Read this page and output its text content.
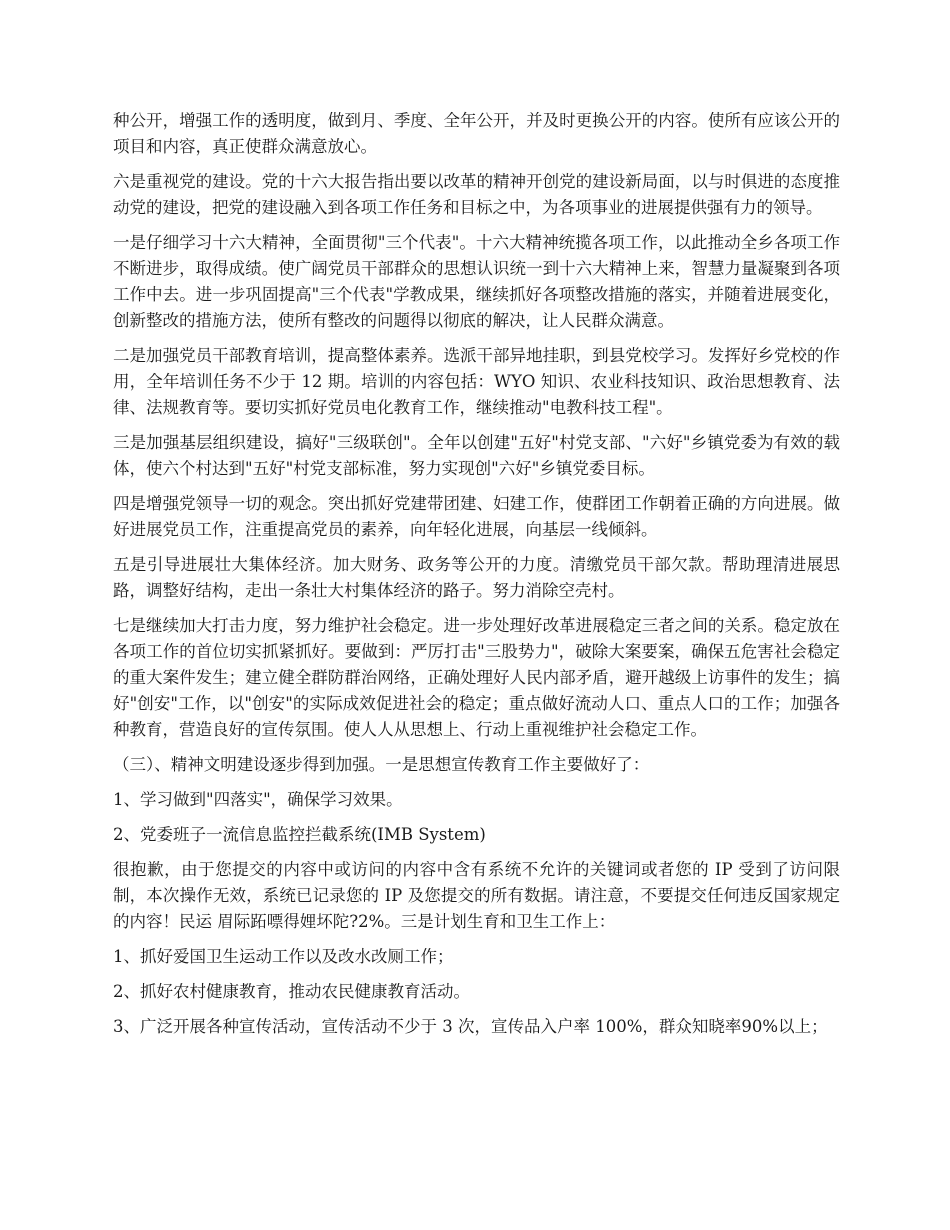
种公开，增强工作的透明度，做到月、季度、全年公开，并及时更换公开的内容。使所有应该公开的项目和内容，真正使群众满意放心。

六是重视党的建设。党的十六大报告指出要以改革的精神开创党的建设新局面，以与时俱进的态度推动党的建设，把党的建设融入到各项工作任务和目标之中，为各项事业的进展提供强有力的领导。

一是仔细学习十六大精神，全面贯彻"三个代表"。十六大精神统揽各项工作，以此推动全乡各项工作不断进步，取得成绩。使广阔党员干部群众的思想认识统一到十六大精神上来，智慧力量凝聚到各项工作中去。进一步巩固提高"三个代表"学教成果，继续抓好各项整改措施的落实，并随着进展变化，创新整改的措施方法，使所有整改的问题得以彻底的解决，让人民群众满意。

二是加强党员干部教育培训，提高整体素养。选派干部异地挂职，到县党校学习。发挥好乡党校的作用，全年培训任务不少于 12 期。培训的内容包括：WYO 知识、农业科技知识、政治思想教育、法律、法规教育等。要切实抓好党员电化教育工作，继续推动"电教科技工程"。

三是加强基层组织建设，搞好"三级联创"。全年以创建"五好"村党支部、"六好"乡镇党委为有效的载体，使六个村达到"五好"村党支部标准，努力实现创"六好"乡镇党委目标。

四是增强党领导一切的观念。突出抓好党建带团建、妇建工作，使群团工作朝着正确的方向进展。做好进展党员工作，注重提高党员的素养，向年轻化进展，向基层一线倾斜。

五是引导进展壮大集体经济。加大财务、政务等公开的力度。清缴党员干部欠款。帮助理清进展思路，调整好结构，走出一条壮大村集体经济的路子。努力消除空壳村。

七是继续加大打击力度，努力维护社会稳定。进一步处理好改革进展稳定三者之间的关系。稳定放在各项工作的首位切实抓紧抓好。要做到：严厉打击"三股势力"，破除大案要案，确保五危害社会稳定的重大案件发生；建立健全群防群治网络，正确处理好人民内部矛盾，避开越级上访事件的发生；搞好"创安"工作，以"创安"的实际成效促进社会的稳定；重点做好流动人口、重点人口的工作；加强各种教育，营造良好的宣传氛围。使人人从思想上、行动上重视维护社会稳定工作。

（三）、精神文明建设逐步得到加强。一是思想宣传教育工作主要做好了：

1、学习做到"四落实"，确保学习效果。

2、党委班子一流信息监控拦截系统(IMB System)

很抱歉，由于您提交的内容中或访问的内容中含有系统不允许的关键词或者您的 IP 受到了访问限制，本次操作无效，系统已记录您的 IP 及您提交的所有数据。请注意，不要提交任何违反国家规定的内容！民运 眉际跖嘌得娌坏陀?2%。三是计划生育和卫生工作上：

1、抓好爱国卫生运动工作以及改水改厕工作；

2、抓好农村健康教育，推动农民健康教育活动。

3、广泛开展各种宣传活动，宣传活动不少于 3 次，宣传品入户率 100%，群众知晓率90%以上；
